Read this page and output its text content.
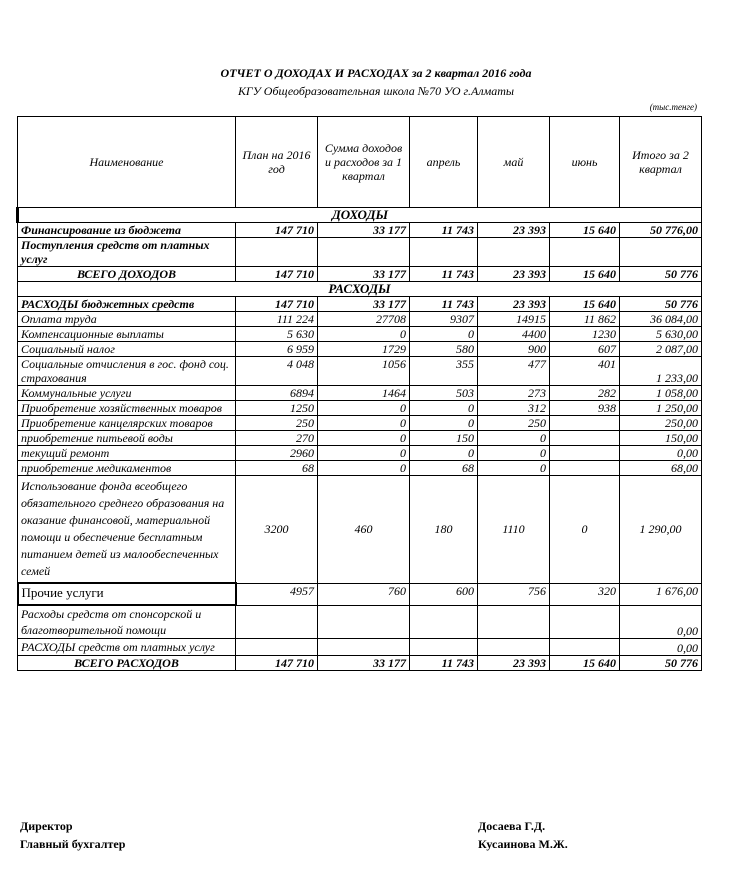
ОТЧЕТ О ДОХОДАХ И РАСХОДАХ за 2 квартал 2016 года
КГУ Общеобразовательная школа №70 УО г.Алматы
(тыс.тенге)
Наименование	План на 2016 год	Сумма доходов и расходов за 1 квартал	апрель	май	июнь	Итого за 2 квартал
ДОХОДЫ						
Финансирование из бюджета	147 710	33 177	11 743	23 393	15 640	50 776,00
Поступления средств от платных услуг						
ВСЕГО ДОХОДОВ	147 710	33 177	11 743	23 393	15 640	50 776
РАСХОДЫ						
РАСХОДЫ бюджетных средств	147 710	33 177	11 743	23 393	15 640	50 776
Оплата труда	111 224	27708	9307	14915	11 862	36 084,00
Компенсационные выплаты	5 630	0	0	4400	1230	5 630,00
Социальный налог	6 959	1729	580	900	607	2 087,00
Социальные отчисления в гос. фонд соц. страхования	4 048	1056	355	477	401	1 233,00
Коммунальные услуги	6894	1464	503	273	282	1 058,00
Приобретение хозяйственных товаров	1250	0	0	312	938	1 250,00
Приобретение канцелярских товаров	250	0	0	250		250,00
приобретение питьевой воды	270	0	150	0		150,00
текущий ремонт	2960	0	0	0		0,00
приобретение медикаментов	68	0	68	0		68,00
Использование фонда всеобщего обязательного среднего образования на оказание финансовой, материальной помощи и обеспечение бесплатным питанием детей из малообеспеченных семей	3200	460	180	1110	0	1 290,00
Прочие услуги	4957	760	600	756	320	1 676,00
Расходы средств от спонсорской и благотворительной помощи						0,00
РАСХОДЫ средств от платных услуг						0,00
ВСЕГО РАСХОДОВ	147 710	33 177	11 743	23 393	15 640	50 776
Директор	Досаева Г.Д.
Главный бухгалтер	Кусаинова М.Ж.
